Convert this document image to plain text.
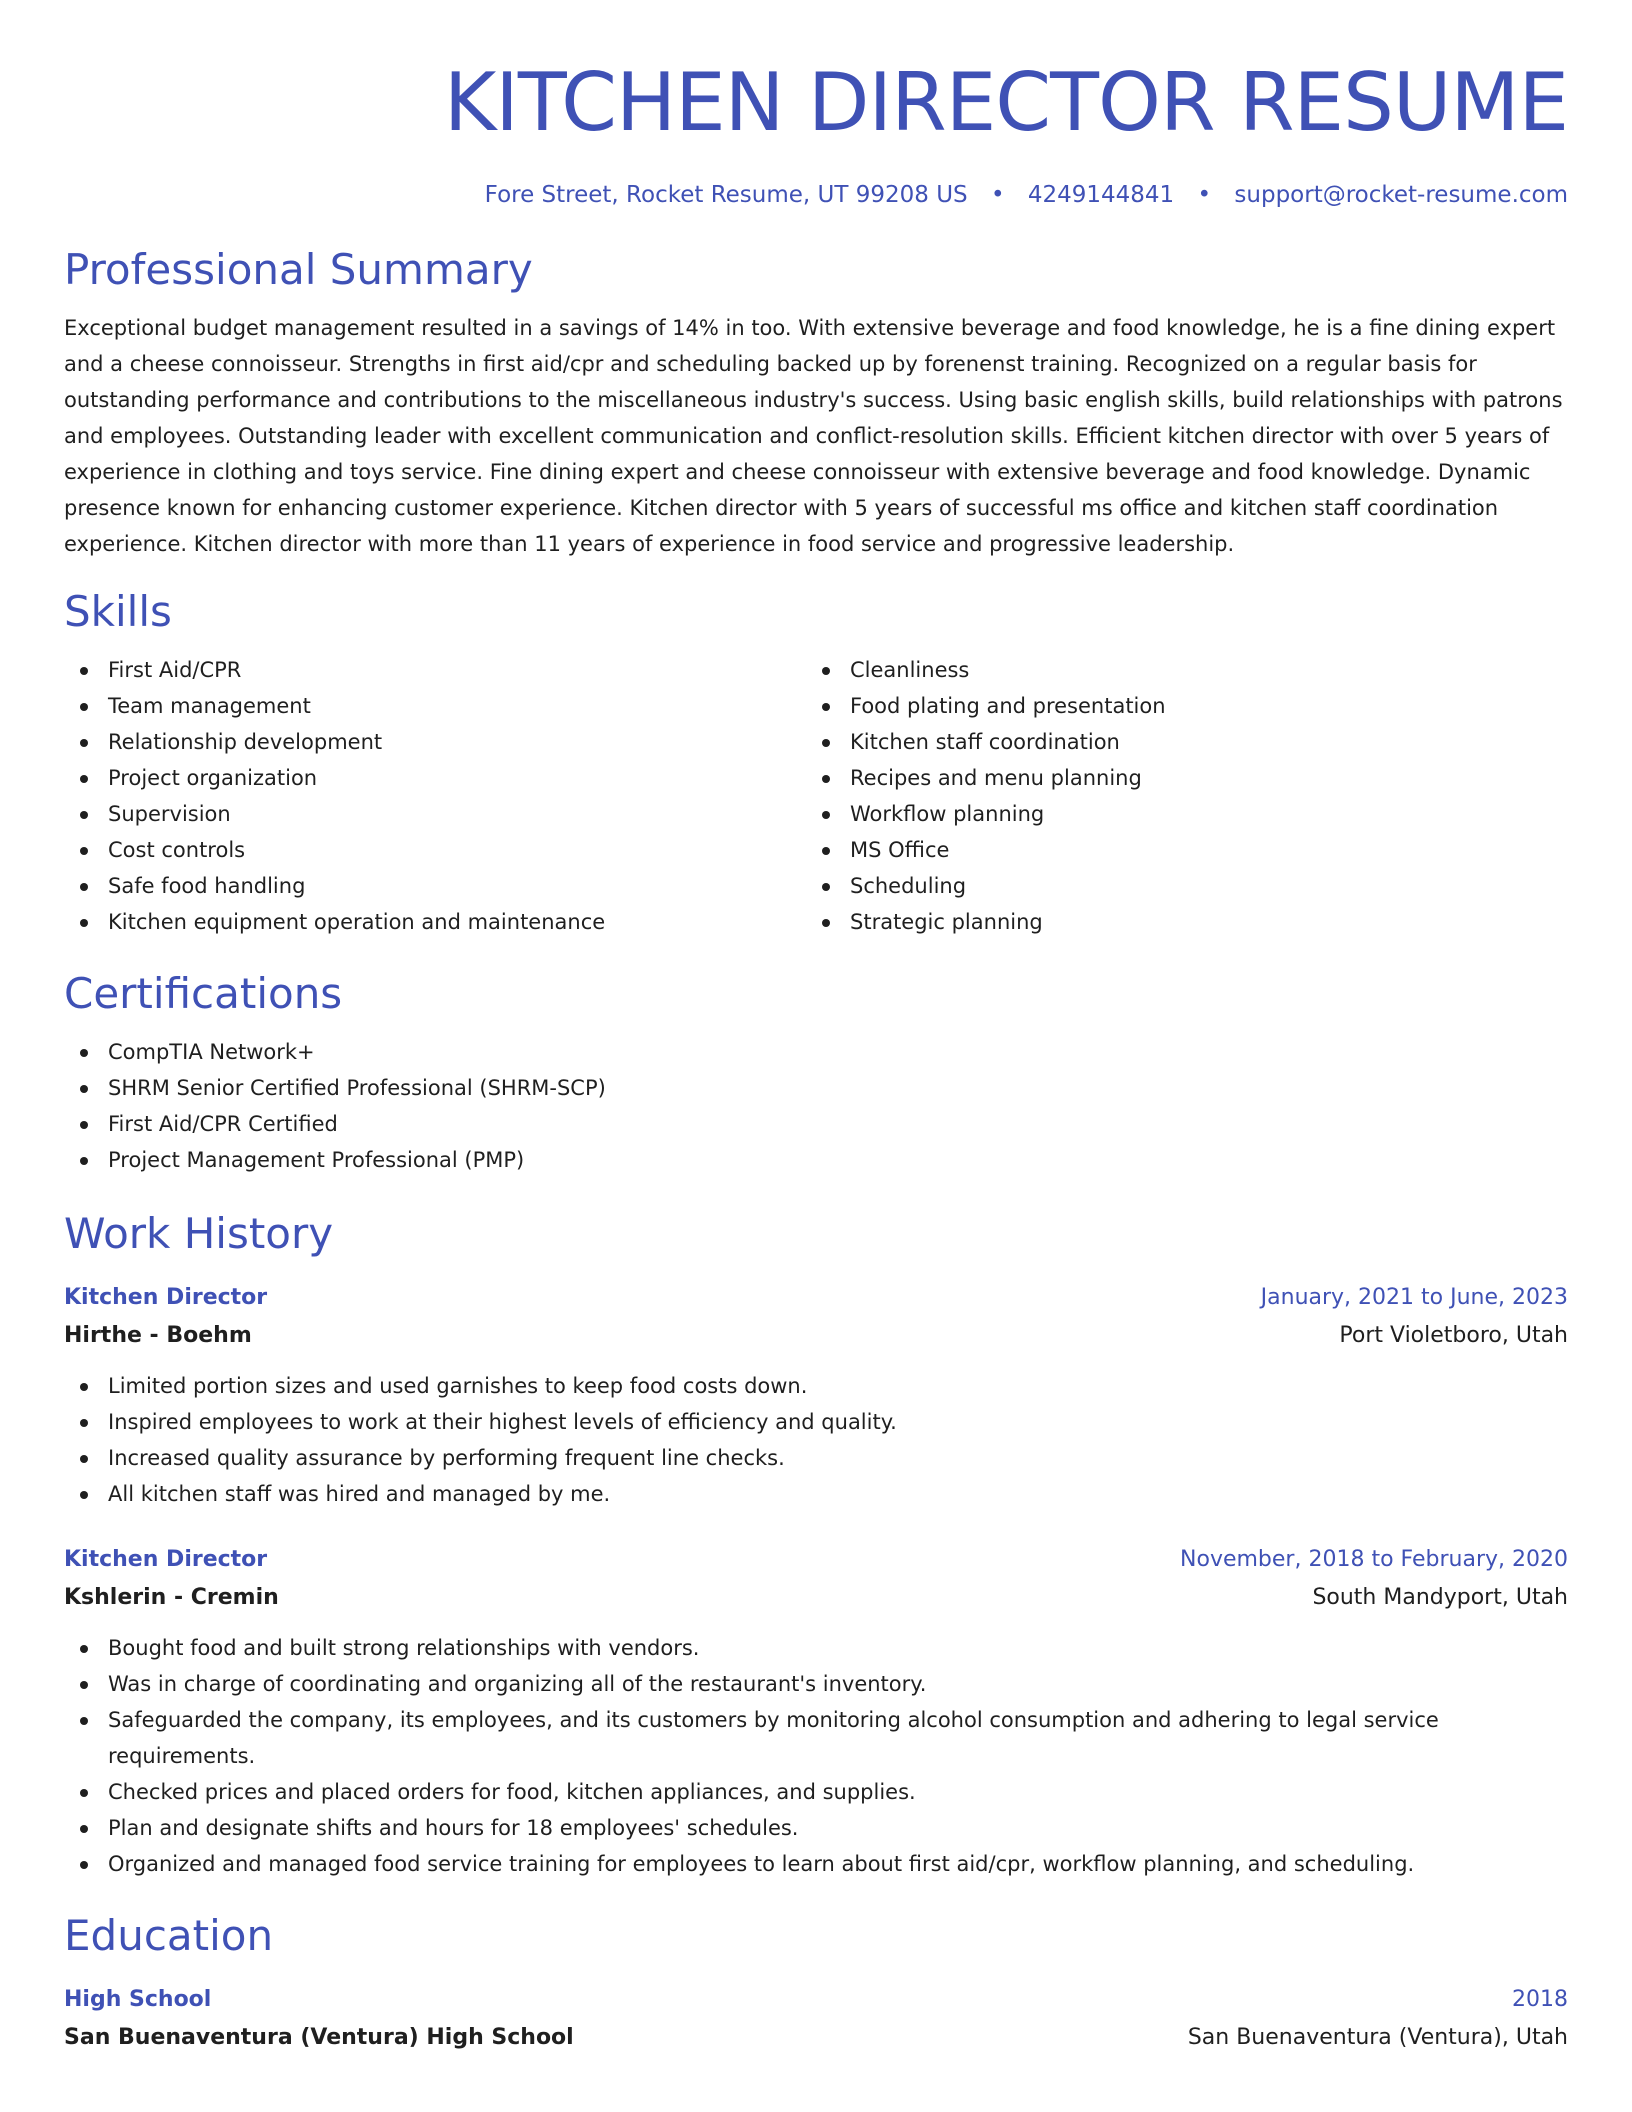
KITCHEN DIRECTOR RESUME
Fore Street, Rocket Resume, UT 99208 US • 4249144841 • support@rocket-resume.com
Professional Summary

Exceptional budget management resulted in a savings of 14% in too. With extensive beverage and food knowledge, he is a fine dining expert and a cheese connoisseur. Strengths in first aid/cpr and scheduling backed up by forenenst training. Recognized on a regular basis for outstanding performance and contributions to the miscellaneous industry's success. Using basic english skills, build relationships with patrons and employees. Outstanding leader with excellent communication and conflict-resolution skills. Efficient kitchen director with over 5 years of experience in clothing and toys service. Fine dining expert and cheese connoisseur with extensive beverage and food knowledge. Dynamic presence known for enhancing customer experience. Kitchen director with 5 years of successful ms office and kitchen staff coordination experience. Kitchen director with more than 11 years of experience in food service and progressive leadership.

Skills
First Aid/CPR
Team management
Relationship development
Project organization
Supervision
Cost controls
Safe food handling
Kitchen equipment operation and maintenance
Cleanliness
Food plating and presentation
Kitchen staff coordination
Recipes and menu planning
Workflow planning
MS Office
Scheduling
Strategic planning
Certifications
CompTIA Network+
SHRM Senior Certified Professional (SHRM-SCP)
First Aid/CPR Certified
Project Management Professional (PMP)
Work History
Kitchen Director	January, 2021 to June, 2023
Hirthe - Boehm	Port Violetboro, Utah
Limited portion sizes and used garnishes to keep food costs down.
Inspired employees to work at their highest levels of efficiency and quality.
Increased quality assurance by performing frequent line checks.
All kitchen staff was hired and managed by me.
Kitchen Director	November, 2018 to February, 2020
Kshlerin - Cremin	South Mandyport, Utah
Bought food and built strong relationships with vendors.
Was in charge of coordinating and organizing all of the restaurant's inventory.
Safeguarded the company, its employees, and its customers by monitoring alcohol consumption and adhering to legal service requirements.
Checked prices and placed orders for food, kitchen appliances, and supplies.
Plan and designate shifts and hours for 18 employees' schedules.
Organized and managed food service training for employees to learn about first aid/cpr, workflow planning, and scheduling.
Education
High School	2018
San Buenaventura (Ventura) High School	San Buenaventura (Ventura), Utah
